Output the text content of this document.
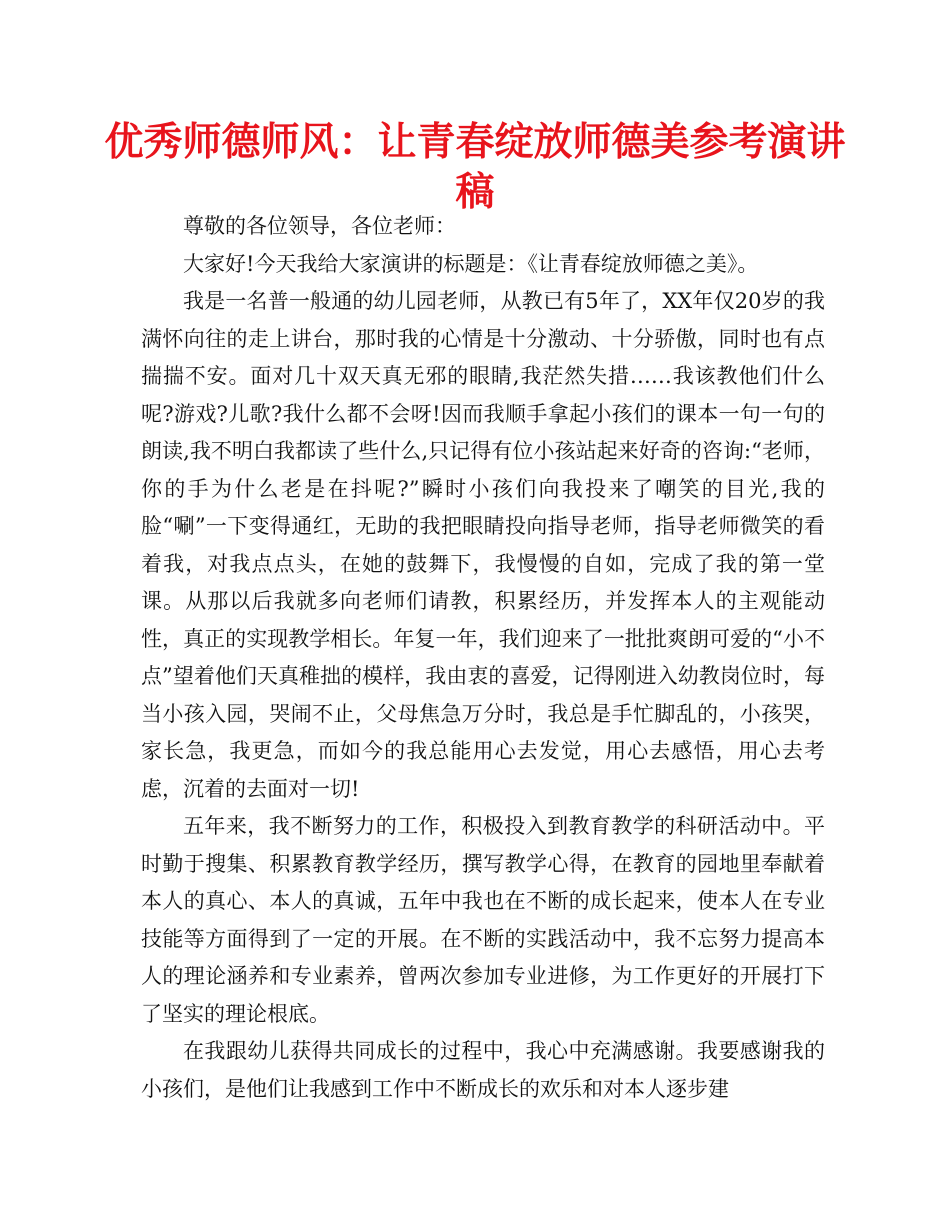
优秀师德师风：让青春绽放师德美参考演讲稿

尊敬的各位领导，各位老师：

大家好!今天我给大家演讲的标题是：《让青春绽放师德之美》。

我是一名普一般通的幼儿园老师，从教已有5年了，XX年仅20岁的我满怀向往的走上讲台，那时我的心情是十分激动、十分骄傲，同时也有点揣揣不安。面对几十双天真无邪的眼睛,我茫然失措……我该教他们什么呢?游戏?儿歌?我什么都不会呀!因而我顺手拿起小孩们的课本一句一句的朗读,我不明白我都读了些什么,只记得有位小孩站起来好奇的咨询:“老师，你的手为什么老是在抖呢?”瞬时小孩们向我投来了嘲笑的目光,我的脸“唰”一下变得通红，无助的我把眼睛投向指导老师，指导老师微笑的看着我，对我点点头，在她的鼓舞下，我慢慢的自如，完成了我的第一堂课。从那以后我就多向老师们请教，积累经历，并发挥本人的主观能动性，真正的实现教学相长。年复一年，我们迎来了一批批爽朗可爱的“小不点”望着他们天真稚拙的模样，我由衷的喜爱，记得刚进入幼教岗位时，每当小孩入园，哭闹不止，父母焦急万分时，我总是手忙脚乱的，小孩哭，家长急，我更急，而如今的我总能用心去发觉，用心去感悟，用心去考虑，沉着的去面对一切!

五年来，我不断努力的工作，积极投入到教育教学的科研活动中。平时勤于搜集、积累教育教学经历，撰写教学心得，在教育的园地里奉献着本人的真心、本人的真诚，五年中我也在不断的成长起来，使本人在专业技能等方面得到了一定的开展。在不断的实践活动中，我不忘努力提高本人的理论涵养和专业素养，曾两次参加专业进修，为工作更好的开展打下了坚实的理论根底。

在我跟幼儿获得共同成长的过程中，我心中充满感谢。我要感谢我的小孩们，是他们让我感到工作中不断成长的欢乐和对本人逐步建
